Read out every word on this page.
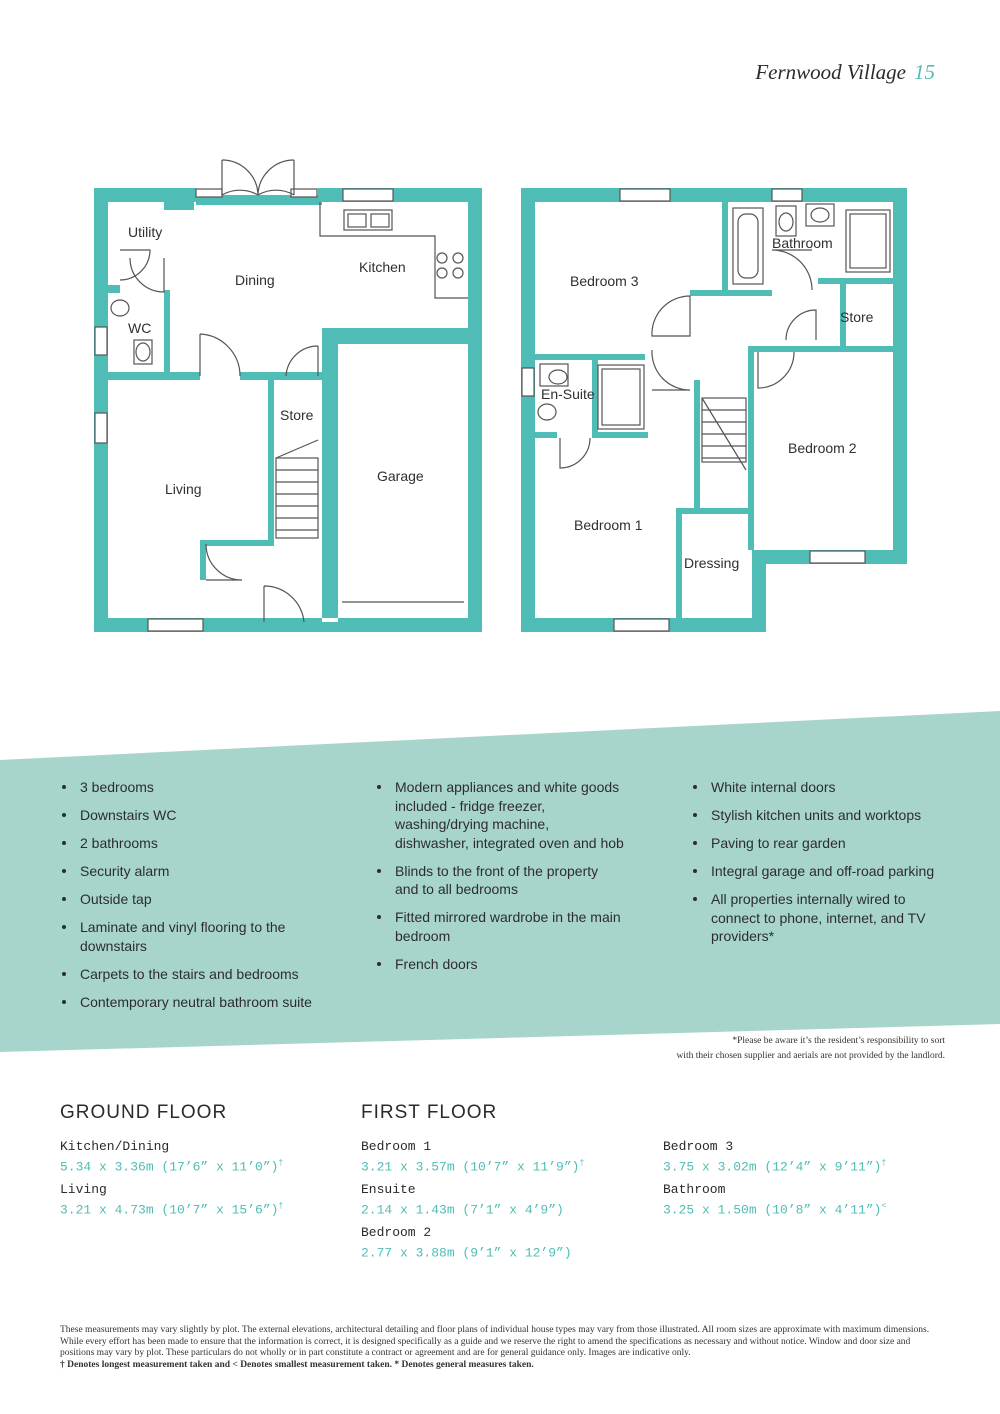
Fernwood Village 15
Utility
Dining
Kitchen
WC
Living
Store
Garage
Bedroom 3
Bathroom
Store
En-Suite
Bedroom 1
Bedroom 2
Dressing
3 bedrooms
Downstairs WC
2 bathrooms
Security alarm
Outside tap
Laminate and vinyl flooring to the downstairs
Carpets to the stairs and bedrooms
Contemporary neutral bathroom suite
Modern appliances and white goods included - fridge freezer, washing/drying machine, dishwasher, integrated oven and hob
Blinds to the front of the property and to all bedrooms
Fitted mirrored wardrobe in the main bedroom
French doors
White internal doors
Stylish kitchen units and worktops
Paving to rear garden
Integral garage and off-road parking
All properties internally wired to connect to phone, internet, and TV providers*
*Please be aware it’s the resident’s responsibility to sort
with their chosen supplier and aerials are not provided by the landlord.
GROUND FLOOR	FIRST FLOOR
Kitchen/Dining
5.34 x 3.36m (17’6” x 11’0”)†
Living
3.21 x 4.73m (10’7” x 15’6”)†
Bedroom 1
3.21 x 3.57m (10’7” x 11’9”)†
Ensuite
2.14 x 1.43m (7’1” x 4’9”)
Bedroom 2
2.77 x 3.88m (9’1” x 12’9”)
Bedroom 3
3.75 x 3.02m (12’4” x 9’11”)†
Bathroom
3.25 x 1.50m (10’8” x 4’11”)<
These measurements may vary slightly by plot. The external elevations, architectural detailing and floor plans of individual house types may vary from those illustrated. All room sizes are approximate with maximum dimensions. While every effort has been made to ensure that the information is correct, it is designed specifically as a guide and we reserve the right to amend the specifications as necessary and without notice. Window and door size and positions may vary by plot. These particulars do not wholly or in part constitute a contract or agreement and are for general guidance only. Images are indicative only.
† Denotes longest measurement taken and < Denotes smallest measurement taken. * Denotes general measures taken.
